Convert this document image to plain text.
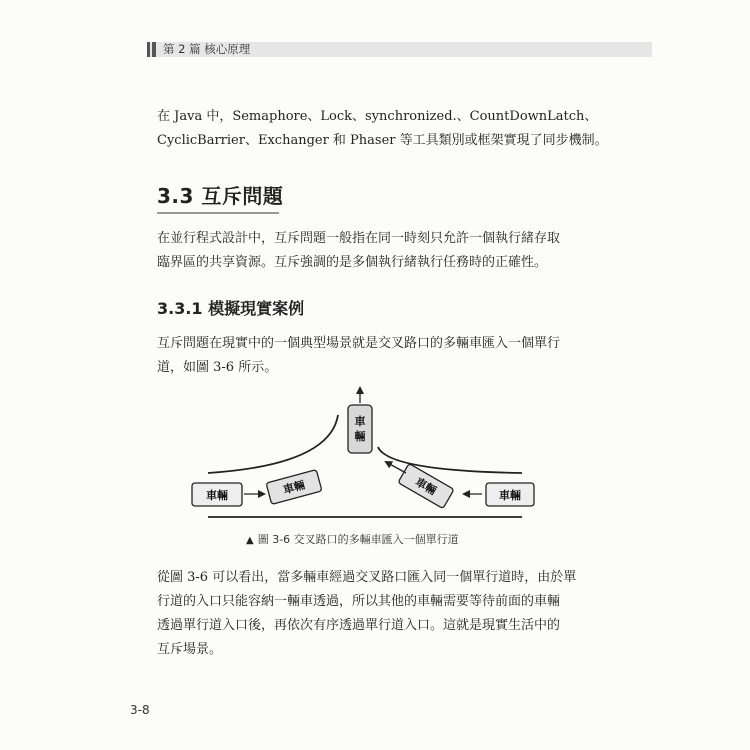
第 2 篇 核心原理

在 Java 中，Semaphore、Lock、synchronized.、CountDownLatch、

CyclicBarrier、Exchanger 和 Phaser 等工具類別或框架實現了同步機制。

3.3 互斥問題

在並行程式設計中，互斥問題一般指在同一時刻只允許一個執行緒存取

臨界區的共享資源。互斥強調的是多個執行緒執行任務時的正確性。

3.3.1 模擬現實案例

互斥問題在現實中的一個典型場景就是交叉路口的多輛車匯入一個單行

道，如圖 3-6 所示。

車
輛
車輛	車輛	車輛	車輛
▲ 圖 3-6 交叉路口的多輛車匯入一個單行道

從圖 3-6 可以看出，當多輛車經過交叉路口匯入同一個單行道時，由於單

行道的入口只能容納一輛車透過，所以其他的車輛需要等待前面的車輛

透過單行道入口後，再依次有序透過單行道入口。這就是現實生活中的

互斥場景。

3-8
